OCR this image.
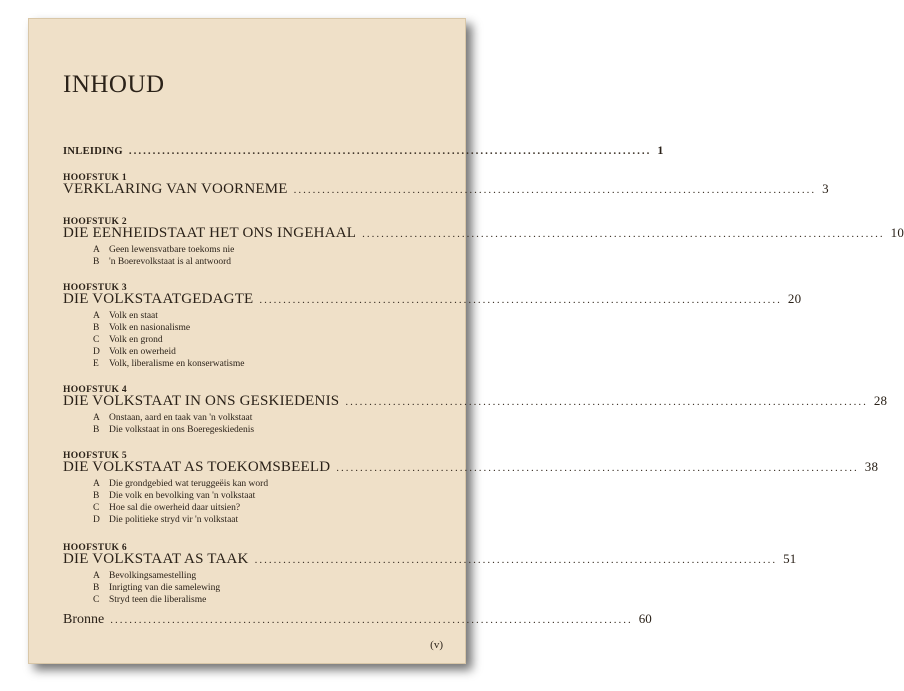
INHOUD
INLEIDING .............................................................................................................. 1
HOOFSTUK 1
VERKLARING VAN VOORNEME .............................................................................................................. 3
HOOFSTUK 2
DIE EENHEIDSTAAT HET ONS INGEHAAL .............................................................................................................. 10
A Geen lewensvatbare toekoms nie
B 'n Boerevolkstaat is al antwoord
HOOFSTUK 3
DIE VOLKSTAATGEDAGTE .............................................................................................................. 20
A Volk en staat
B Volk en nasionalisme
C Volk en grond
D Volk en owerheid
E Volk, liberalisme en konserwatisme
HOOFSTUK 4
DIE VOLKSTAAT IN ONS GESKIEDENIS .............................................................................................................. 28
A Onstaan, aard en taak van 'n volkstaat
B Die volkstaat in ons Boeregeskiedenis
HOOFSTUK 5
DIE VOLKSTAAT AS TOEKOMSBEELD .............................................................................................................. 38
A Die grondgebied wat teruggeëis kan word
B Die volk en bevolking van 'n volkstaat
C Hoe sal die owerheid daar uitsien?
D Die politieke stryd vir 'n volkstaat
HOOFSTUK 6
DIE VOLKSTAAT AS TAAK .............................................................................................................. 51
A Bevolkingsamestelling
B Inrigting van die samelewing
C Stryd teen die liberalisme
Bronne .............................................................................................................. 60
(v)
